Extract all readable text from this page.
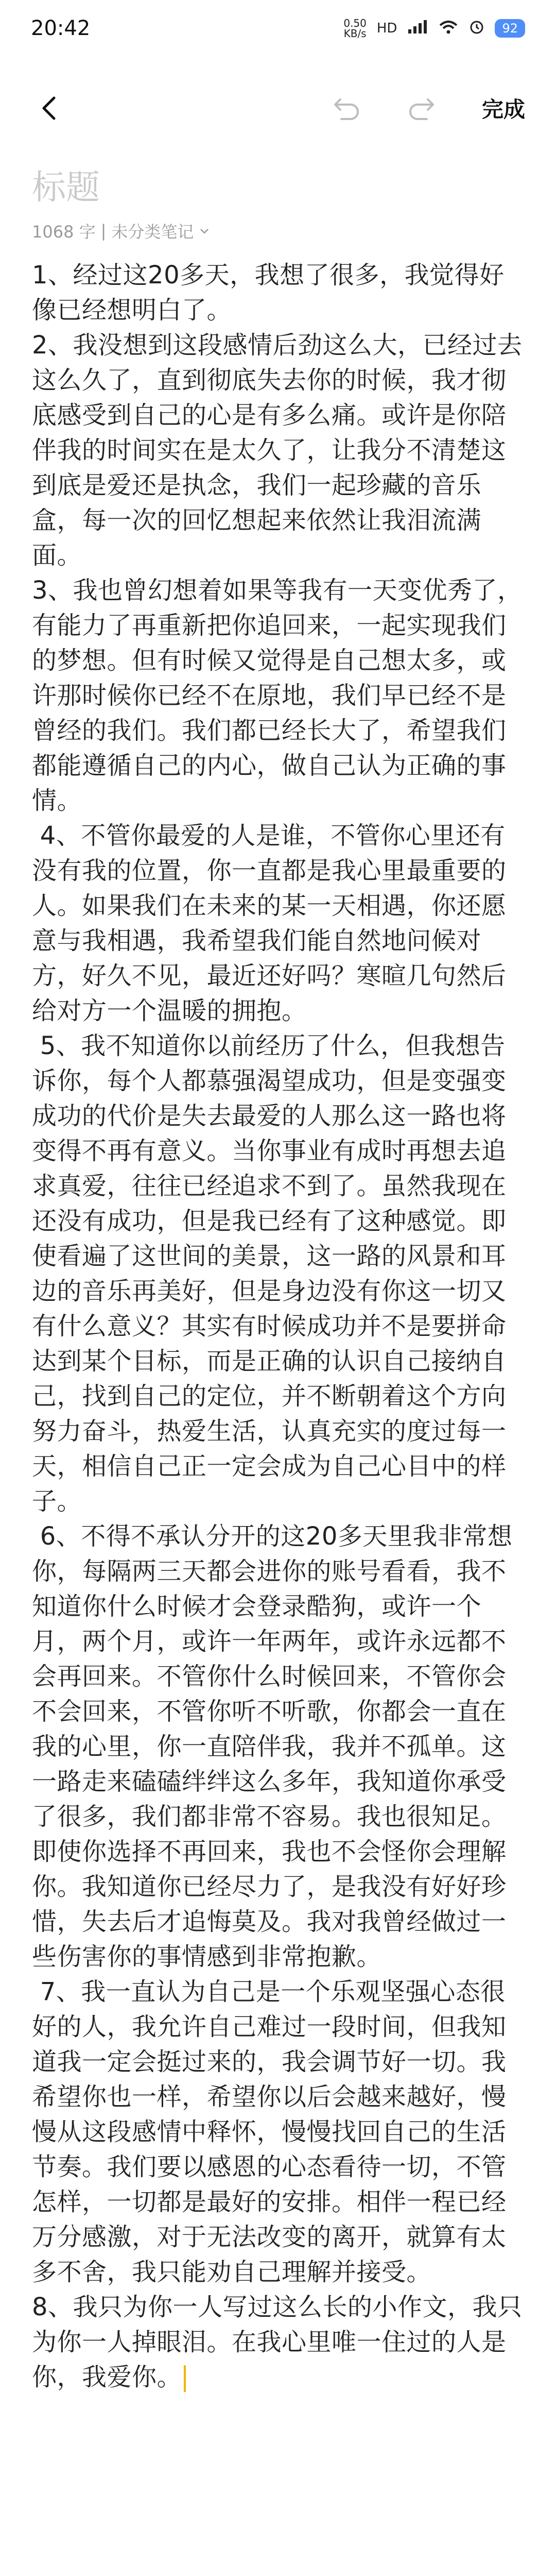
20:42	0.50
KB/s HD	92
完成
标题
1068 字 | 未分类笔记

1、经过这20多天，我想了很多，我觉得好像已经想明白了。

2、我没想到这段感情后劲这么大，已经过去这么久了，直到彻底失去你的时候，我才彻底感受到自己的心是有多么痛。或许是你陪伴我的时间实在是太久了，让我分不清楚这到底是爱还是执念，我们一起珍藏的音乐盒，每一次的回忆想起来依然让我泪流满面。

3、我也曾幻想着如果等我有一天变优秀了，有能力了再重新把你追回来，一起实现我们的梦想。但有时候又觉得是自己想太多，或许那时候你已经不在原地，我们早已经不是曾经的我们。我们都已经长大了，希望我们都能遵循自己的内心，做自己认为正确的事情。

4、不管你最爱的人是谁，不管你心里还有没有我的位置，你一直都是我心里最重要的人。如果我们在未来的某一天相遇，你还愿意与我相遇，我希望我们能自然地问候对方，好久不见，最近还好吗？寒暄几句然后给对方一个温暖的拥抱。

5、我不知道你以前经历了什么，但我想告诉你，每个人都慕强渴望成功，但是变强变成功的代价是失去最爱的人那么这一路也将变得不再有意义。当你事业有成时再想去追求真爱，往往已经追求不到了。虽然我现在还没有成功，但是我已经有了这种感觉。即使看遍了这世间的美景，这一路的风景和耳边的音乐再美好，但是身边没有你这一切又有什么意义？其实有时候成功并不是要拼命达到某个目标，而是正确的认识自己接纳自己，找到自己的定位，并不断朝着这个方向努力奋斗，热爱生活，认真充实的度过每一天，相信自己正一定会成为自己心目中的样子。

6、不得不承认分开的这20多天里我非常想你，每隔两三天都会进你的账号看看，我不知道你什么时候才会登录酷狗，或许一个月，两个月，或许一年两年，或许永远都不会再回来。不管你什么时候回来，不管你会不会回来，不管你听不听歌，你都会一直在我的心里，你一直陪伴我，我并不孤单。这一路走来磕磕绊绊这么多年，我知道你承受了很多，我们都非常不容易。我也很知足。即使你选择不再回来，我也不会怪你会理解你。我知道你已经尽力了，是我没有好好珍惜，失去后才追悔莫及。我对我曾经做过一些伤害你的事情感到非常抱歉。

7、我一直认为自己是一个乐观坚强心态很好的人，我允许自己难过一段时间，但我知道我一定会挺过来的，我会调节好一切。我希望你也一样，希望你以后会越来越好，慢慢从这段感情中释怀，慢慢找回自己的生活节奏。我们要以感恩的心态看待一切，不管怎样，一切都是最好的安排。相伴一程已经万分感激，对于无法改变的离开，就算有太多不舍，我只能劝自己理解并接受。

8、我只为你一人写过这么长的小作文，我只为你一人掉眼泪。在我心里唯一住过的人是你，我爱你。
